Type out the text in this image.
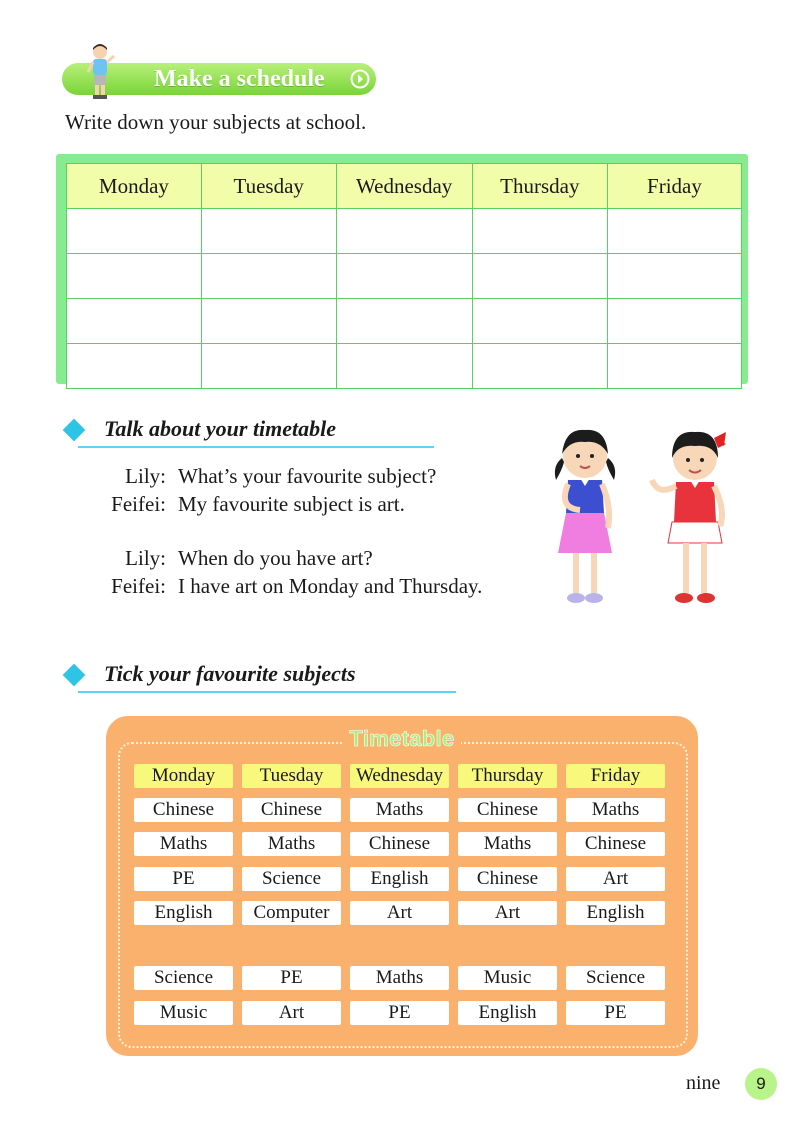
Make a schedule
Write down your subjects at school.
Monday	Tuesday	Wednesday	Thursday	Friday

Talk about your timetable
Lily: What’s your favourite subject?
Feifei: My favourite subject is art.
Lily: When do you have art?
Feifei: I have art on Monday and Thursday.
Tick your favourite subjects
Timetable
Monday	Tuesday	Wednesday	Thursday	Friday
Chinese	Chinese	Maths	Chinese	Maths
Maths	Maths	Chinese	Maths	Chinese
PE	Science	English	Chinese	Art
English	Computer	Art	Art	English
Science	PE	Maths	Music	Science
Music	Art	PE	English	PE
nine	9
